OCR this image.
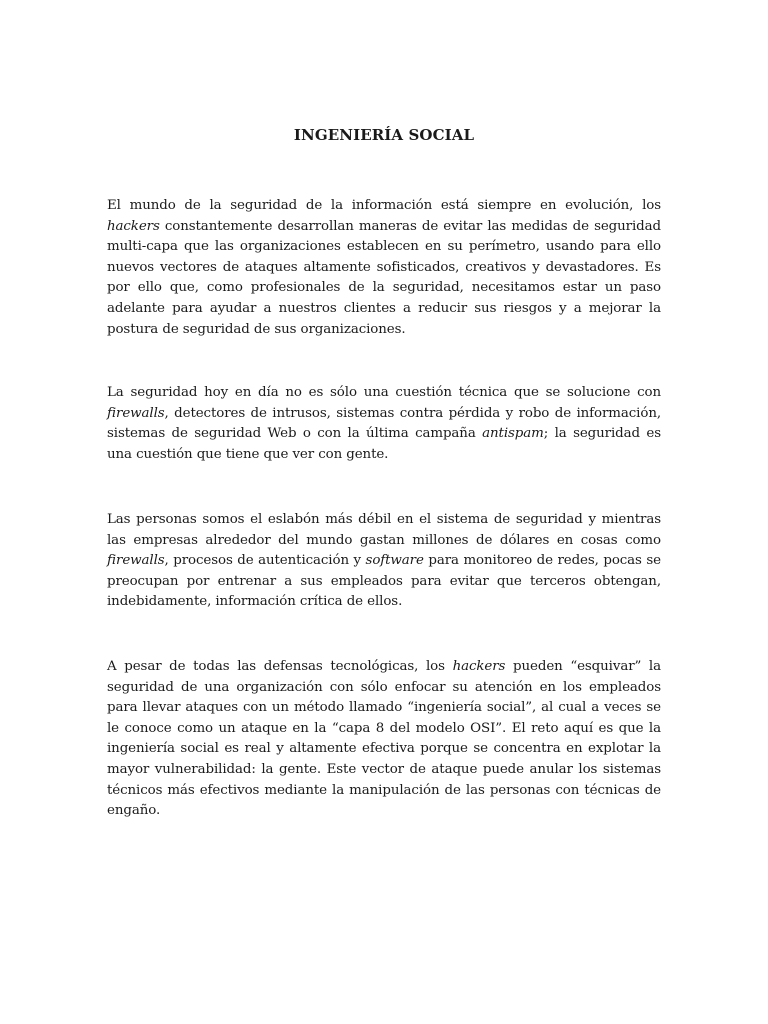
INGENIERÍA SOCIAL

El mundo de la seguridad de la información está siempre en evolución, los hackers constantemente desarrollan maneras de evitar las medidas de seguridad multi-capa que las organizaciones establecen en su perímetro, usando para ello nuevos vectores de ataques altamente sofisticados, creativos y devastadores. Es por ello que, como profesionales de la seguridad, necesitamos estar un paso adelante para ayudar a nuestros clientes a reducir sus riesgos y a mejorar la postura de seguridad de sus organizaciones.

La seguridad hoy en día no es sólo una cuestión técnica que se solucione con firewalls, detectores de intrusos, sistemas contra pérdida y robo de información, sistemas de seguridad Web o con la última campaña antispam; la seguridad es una cuestión que tiene que ver con gente.

Las personas somos el eslabón más débil en el sistema de seguridad y mientras las empresas alrededor del mundo gastan millones de dólares en cosas como firewalls, procesos de autenticación y software para monitoreo de redes, pocas se preocupan por entrenar a sus empleados para evitar que terceros obtengan, indebidamente, información crítica de ellos.

A pesar de todas las defensas tecnológicas, los hackers pueden “esquivar” la seguridad de una organización con sólo enfocar su atención en los empleados para llevar ataques con un método llamado “ingeniería social”, al cual a veces se le conoce como un ataque en la “capa 8 del modelo OSI”. El reto aquí es que la ingeniería social es real y altamente efectiva porque se concentra en explotar la mayor vulnerabilidad: la gente. Este vector de ataque puede anular los sistemas técnicos más efectivos mediante la manipulación de las personas con técnicas de engaño.
